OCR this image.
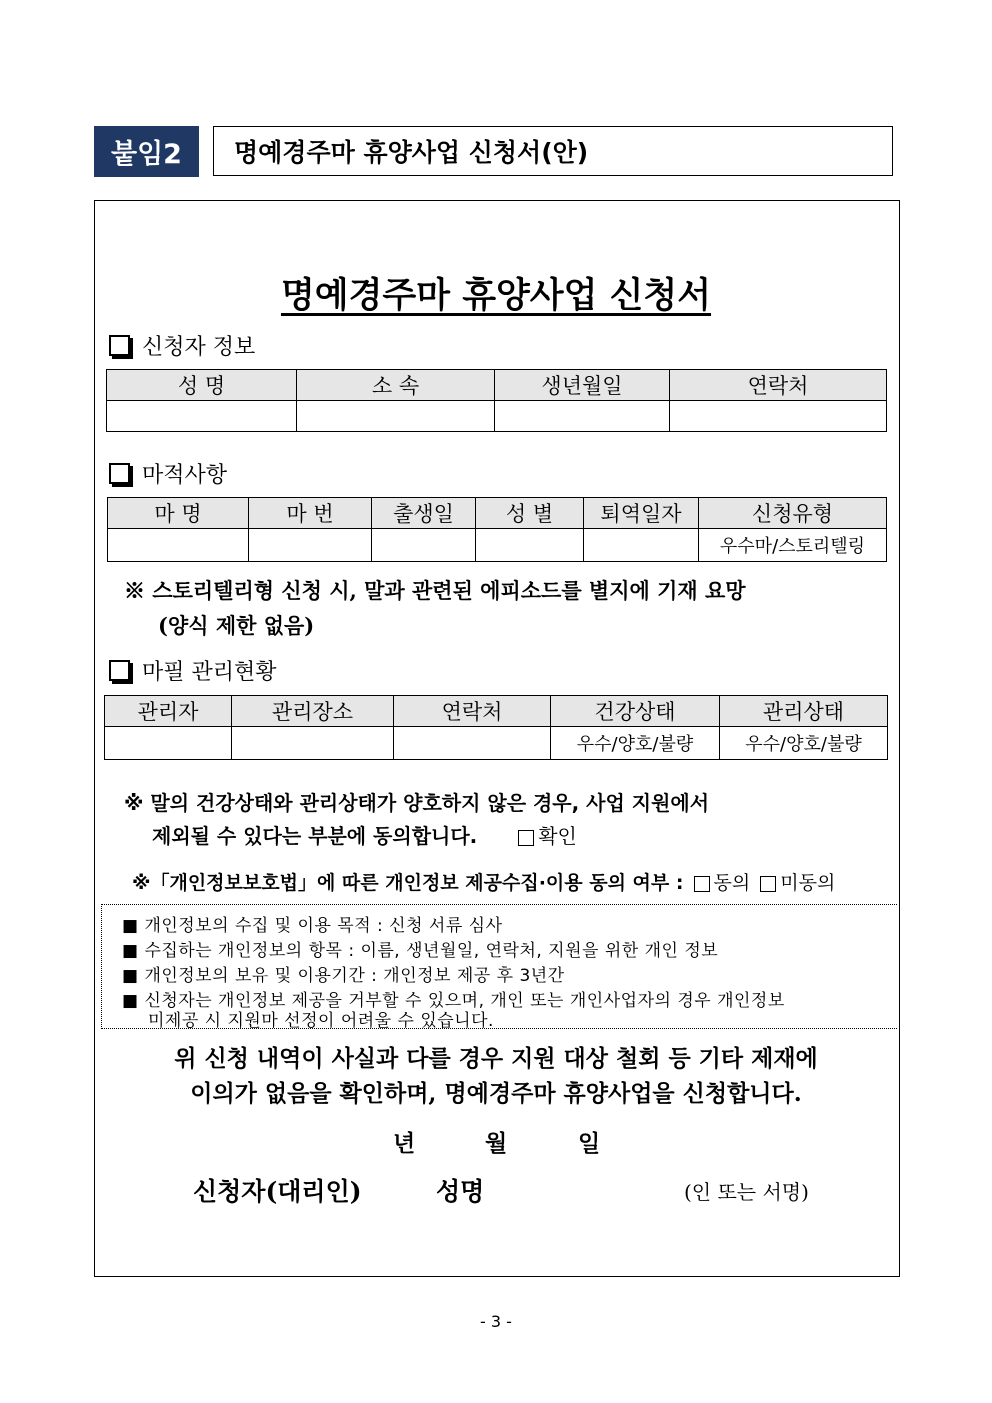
붙임2	명예경주마 휴양사업 신청서(안)
명예경주마 휴양사업 신청서
신청자 정보
성 명	소 속	생년월일	연락처

마적사항
마 명	마 번	출생일	성 별	퇴역일자	신청유형
					우수마/스토리텔링
※ 스토리텔리형 신청 시, 말과 관련된 에피소드를 별지에 기재 요망
(양식 제한 없음)
마필 관리현황
관리자	관리장소	연락처	건강상태	관리상태
			우수/양호/불량	우수/양호/불량
※ 말의 건강상태와 관리상태가 양호하지 않은 경우, 사업 지원에서
제외될 수 있다는 부분에 동의합니다.	확인
※「개인정보보호법」에 따른 개인정보 제공수집·이용 동의 여부 : 동의 미동의
■ 개인정보의 수집 및 이용 목적 : 신청 서류 심사
■ 수집하는 개인정보의 항목 : 이름, 생년월일, 연락처, 지원을 위한 개인 정보
■ 개인정보의 보유 및 이용기간 : 개인정보 제공 후 3년간
■ 신청자는 개인정보 제공을 거부할 수 있으며, 개인 또는 개인사업자의 경우 개인정보
미제공 시 지원마 선정이 어려울 수 있습니다.
위 신청 내역이 사실과 다를 경우 지원 대상 철회 등 기타 제재에
이의가 없음을 확인하며, 명예경주마 휴양사업을 신청합니다.
년	월	일
신청자(대리인)	성명	(인 또는 서명)
- 3 -
